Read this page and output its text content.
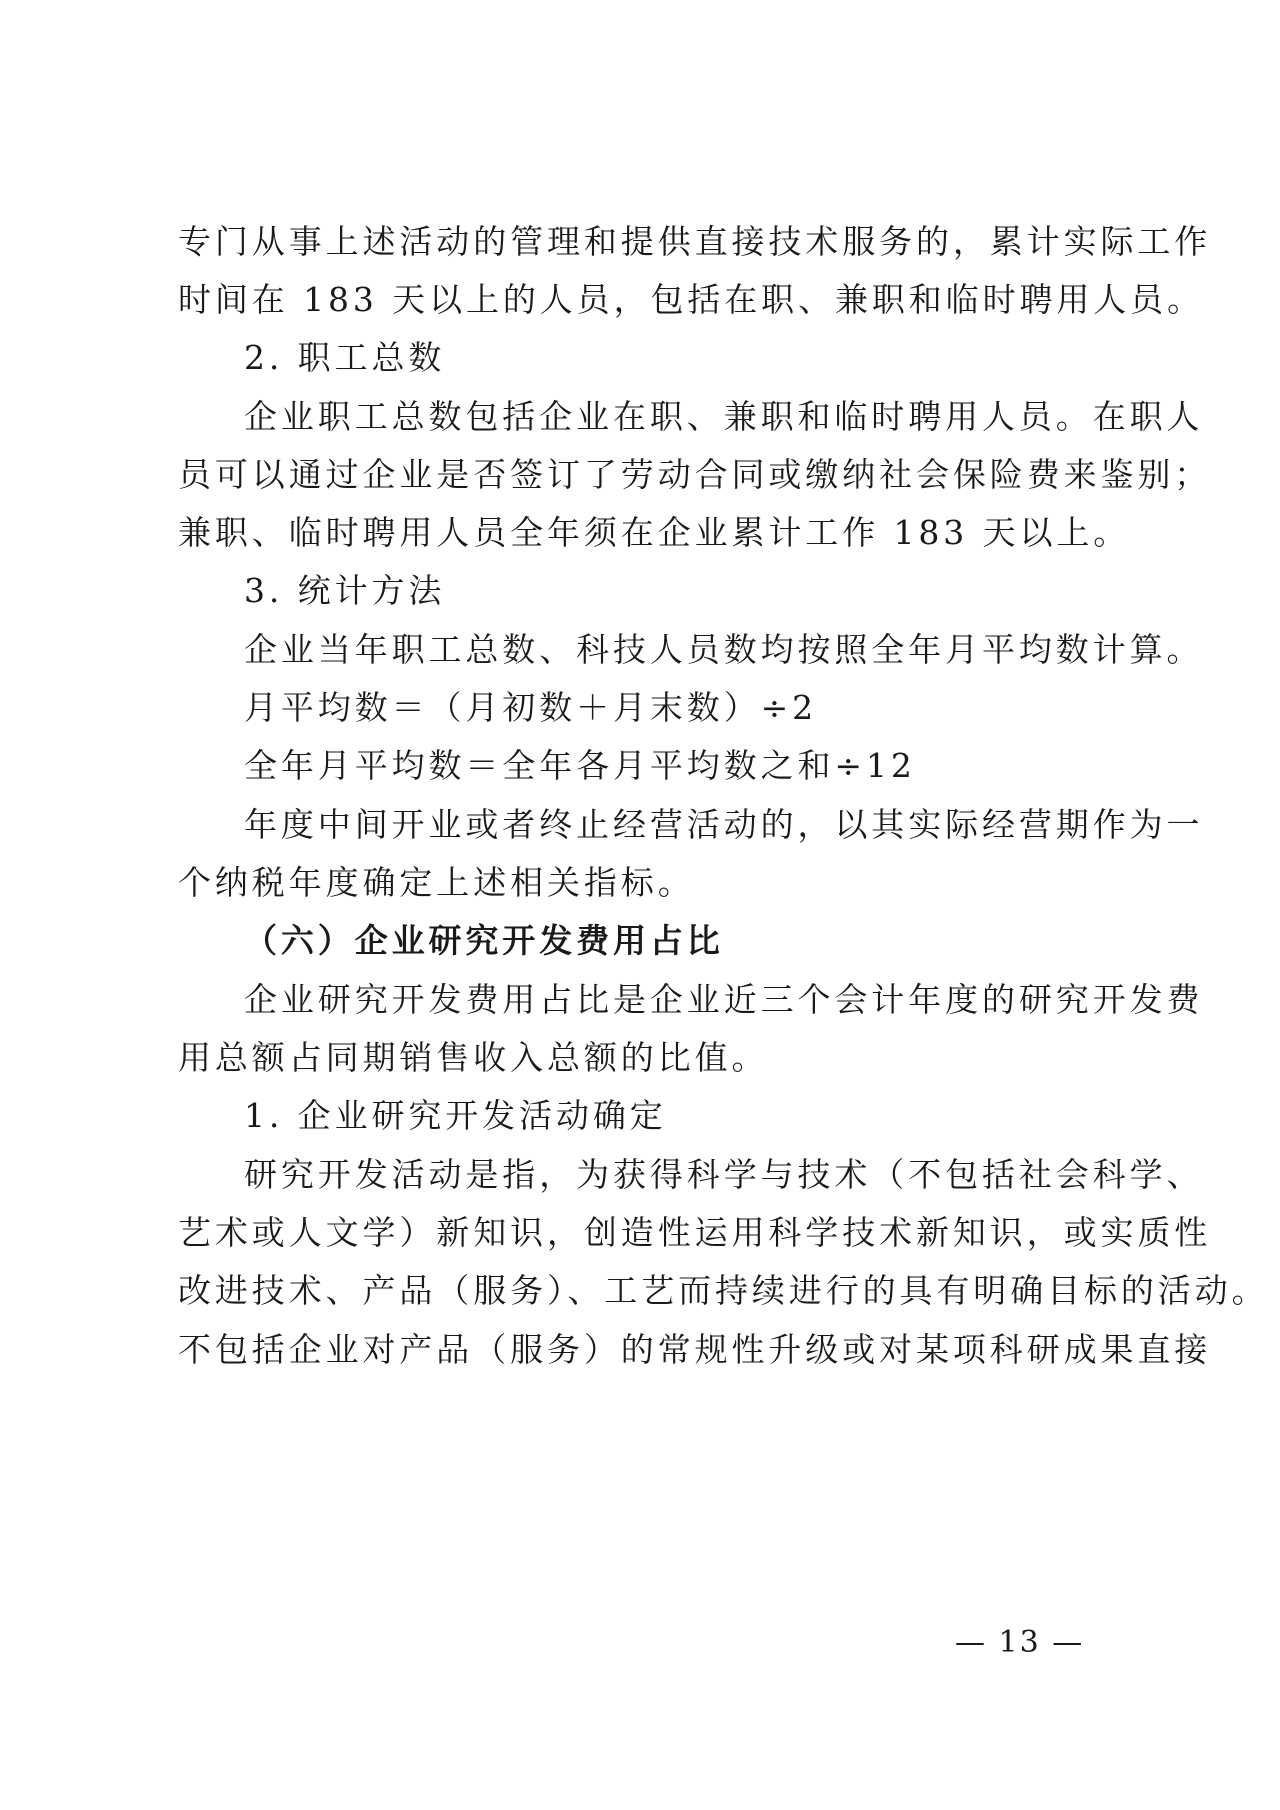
专门从事上述活动的管理和提供直接技术服务的，累计实际工作
时间在 183 天以上的人员，包括在职、兼职和临时聘用人员。
2. 职工总数
企业职工总数包括企业在职、兼职和临时聘用人员。在职人
员可以通过企业是否签订了劳动合同或缴纳社会保险费来鉴别；
兼职、临时聘用人员全年须在企业累计工作 183 天以上。
3. 统计方法
企业当年职工总数、科技人员数均按照全年月平均数计算。
月平均数＝（月初数＋月末数）÷2
全年月平均数＝全年各月平均数之和÷12
年度中间开业或者终止经营活动的，以其实际经营期作为一
个纳税年度确定上述相关指标。
（六）企业研究开发费用占比
企业研究开发费用占比是企业近三个会计年度的研究开发费
用总额占同期销售收入总额的比值。
1. 企业研究开发活动确定
研究开发活动是指，为获得科学与技术（不包括社会科学、
艺术或人文学）新知识，创造性运用科学技术新知识，或实质性
改进技术、产品（服务）、工艺而持续进行的具有明确目标的活动。
不包括企业对产品（服务）的常规性升级或对某项科研成果直接
— 13 —
